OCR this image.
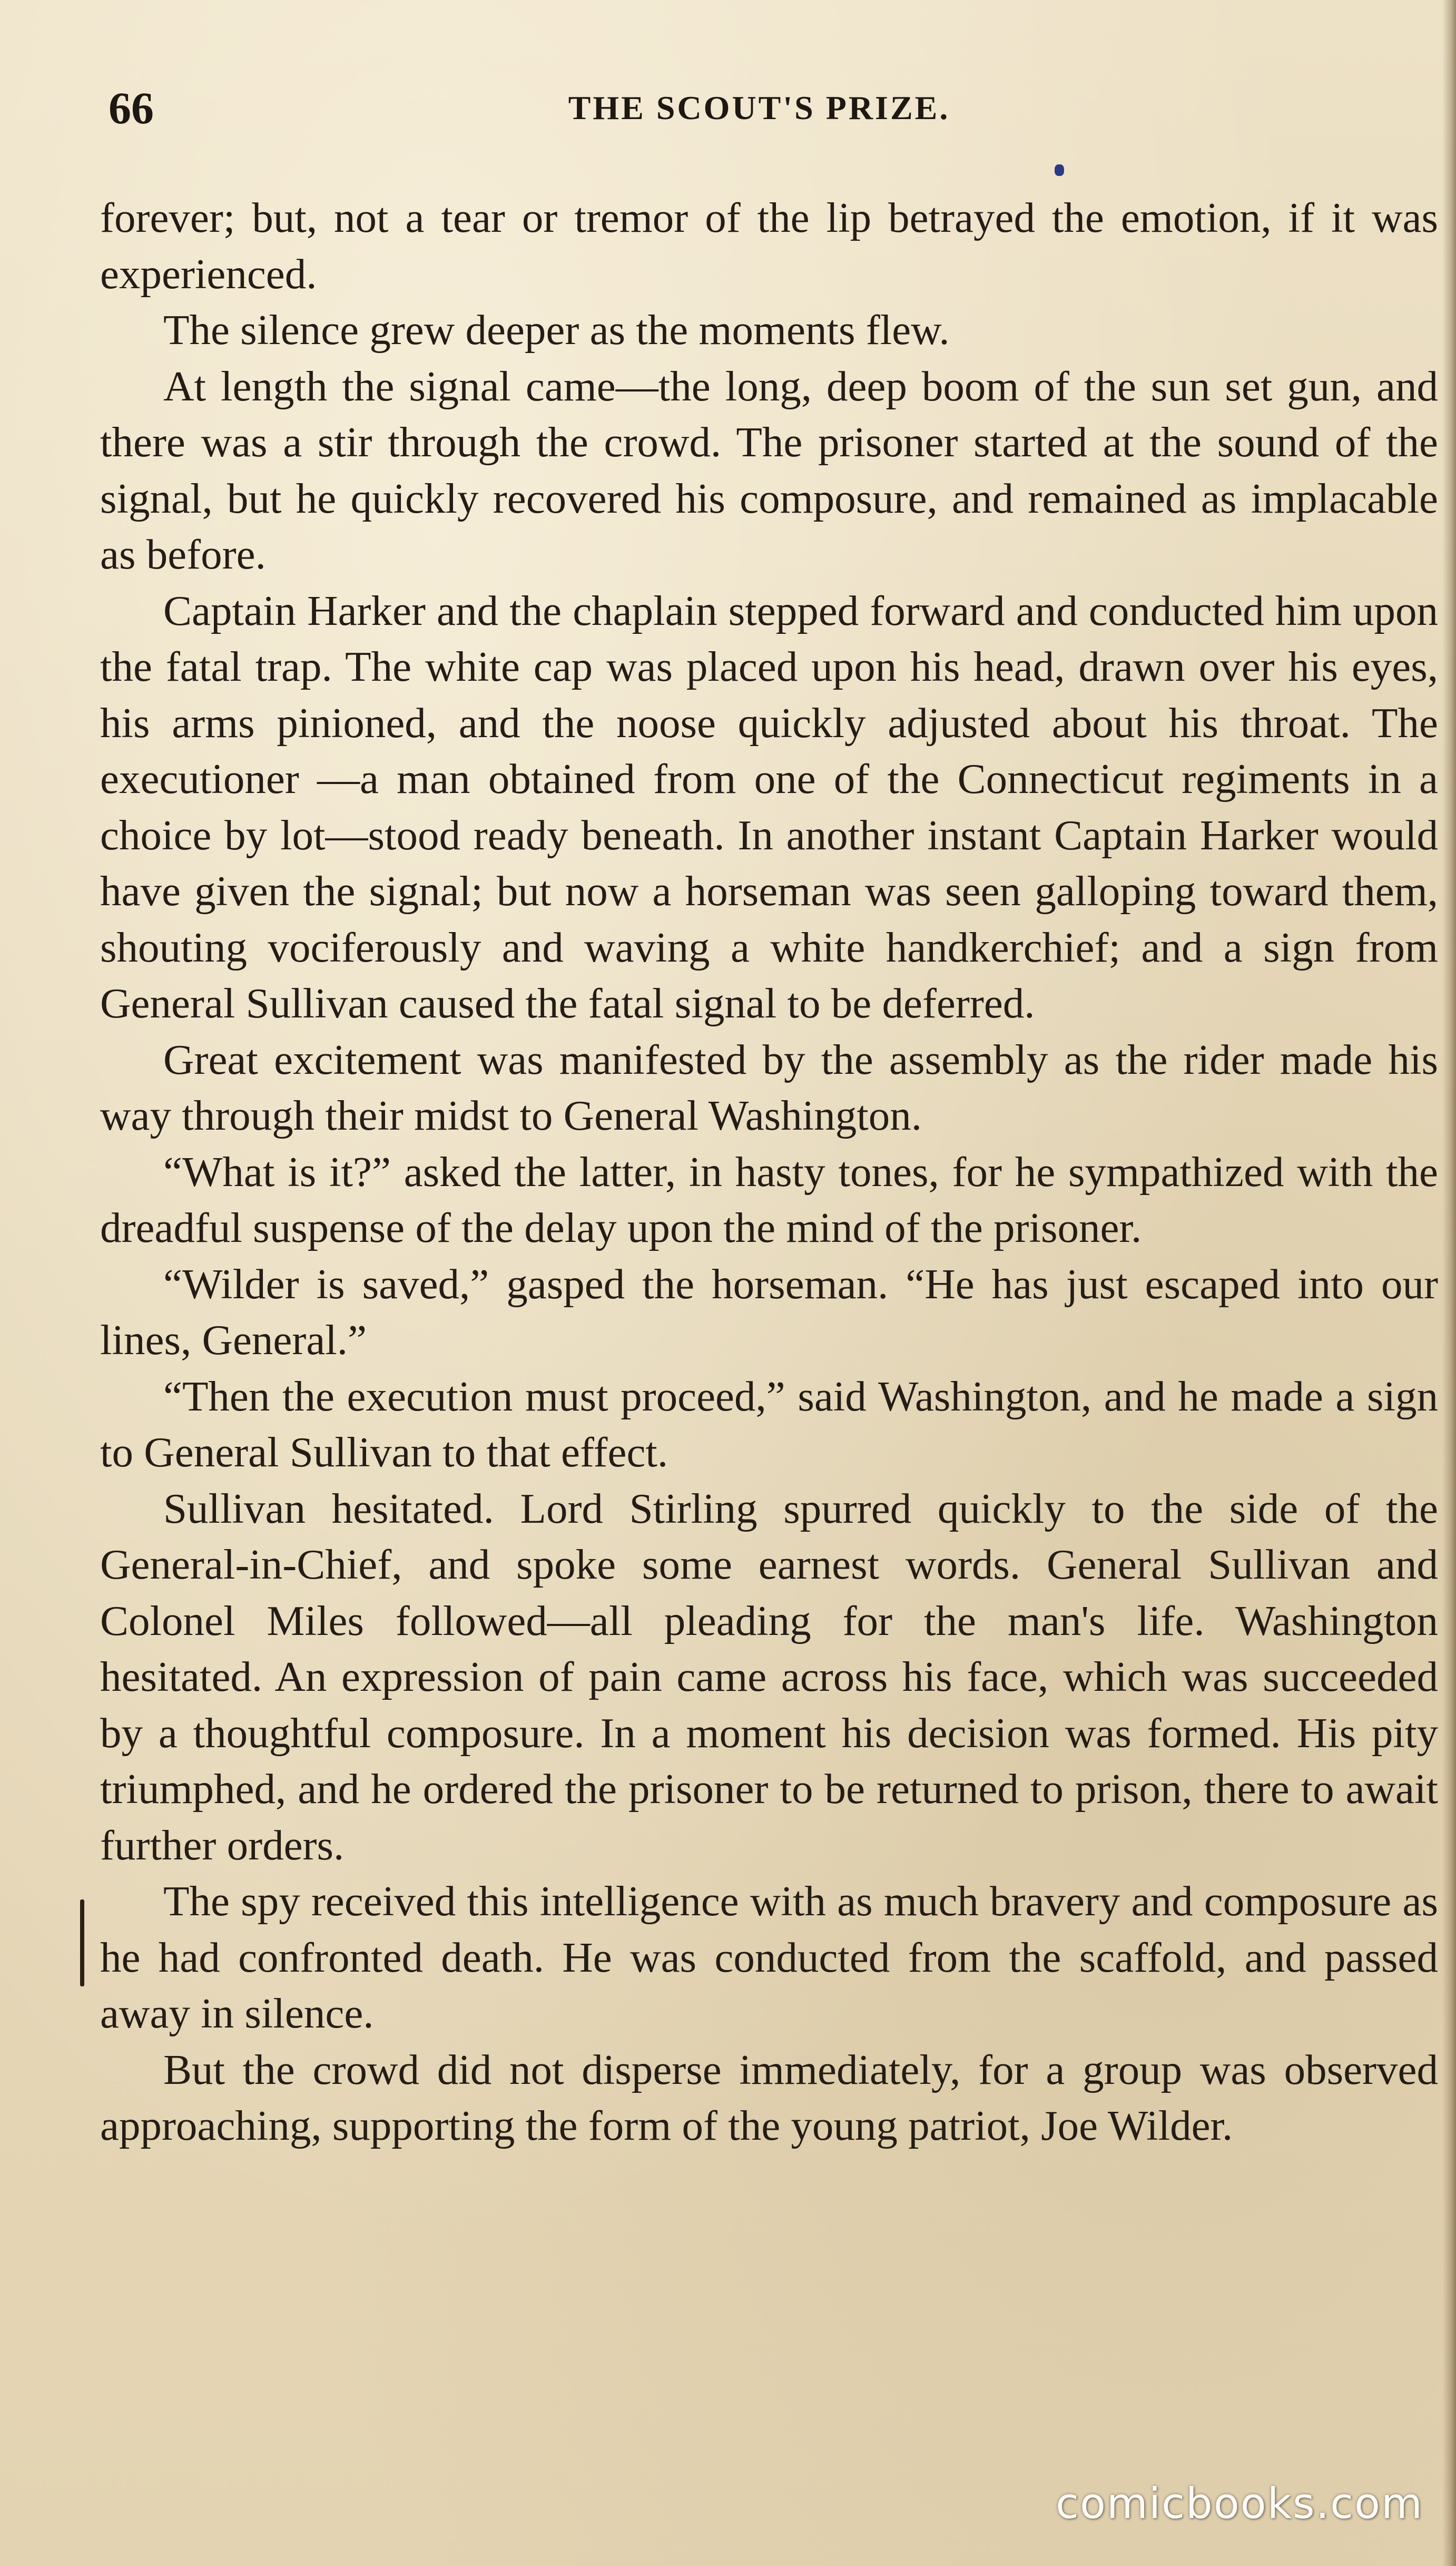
66	THE SCOUT'S PRIZE.

forever; but, not a tear or tremor of the lip betrayed the emotion, if it was experienced.

The silence grew deeper as the moments flew.

At length the signal came—the long, deep boom of the sun set gun, and there was a stir through the crowd. The prisoner started at the sound of the signal, but he quickly recovered his composure, and remained as implacable as before.

Captain Harker and the chaplain stepped forward and conducted him upon the fatal trap. The white cap was placed upon his head, drawn over his eyes, his arms pinioned, and the noose quickly adjusted about his throat. The executioner —a man obtained from one of the Connecticut regiments in a choice by lot—stood ready beneath. In another instant Captain Harker would have given the signal; but now a horseman was seen galloping toward them, shouting vociferously and waving a white handkerchief; and a sign from General Sullivan caused the fatal signal to be deferred.

Great excitement was manifested by the assembly as the rider made his way through their midst to General Washington.

“What is it?” asked the latter, in hasty tones, for he sympathized with the dreadful suspense of the delay upon the mind of the prisoner.

“Wilder is saved,” gasped the horseman. “He has just escaped into our lines, General.”

“Then the execution must proceed,” said Washington, and he made a sign to General Sullivan to that effect.

Sullivan hesitated. Lord Stirling spurred quickly to the side of the General-in-Chief, and spoke some earnest words. General Sullivan and Colonel Miles followed—all pleading for the man's life. Washington hesitated. An expression of pain came across his face, which was succeeded by a thoughtful composure. In a moment his decision was formed. His pity triumphed, and he ordered the prisoner to be returned to prison, there to await further orders.

The spy received this intelligence with as much bravery and composure as he had confronted death. He was conducted from the scaffold, and passed away in silence.

But the crowd did not disperse immediately, for a group was observed approaching, supporting the form of the young patriot, Joe Wilder.

comicbooks.com
